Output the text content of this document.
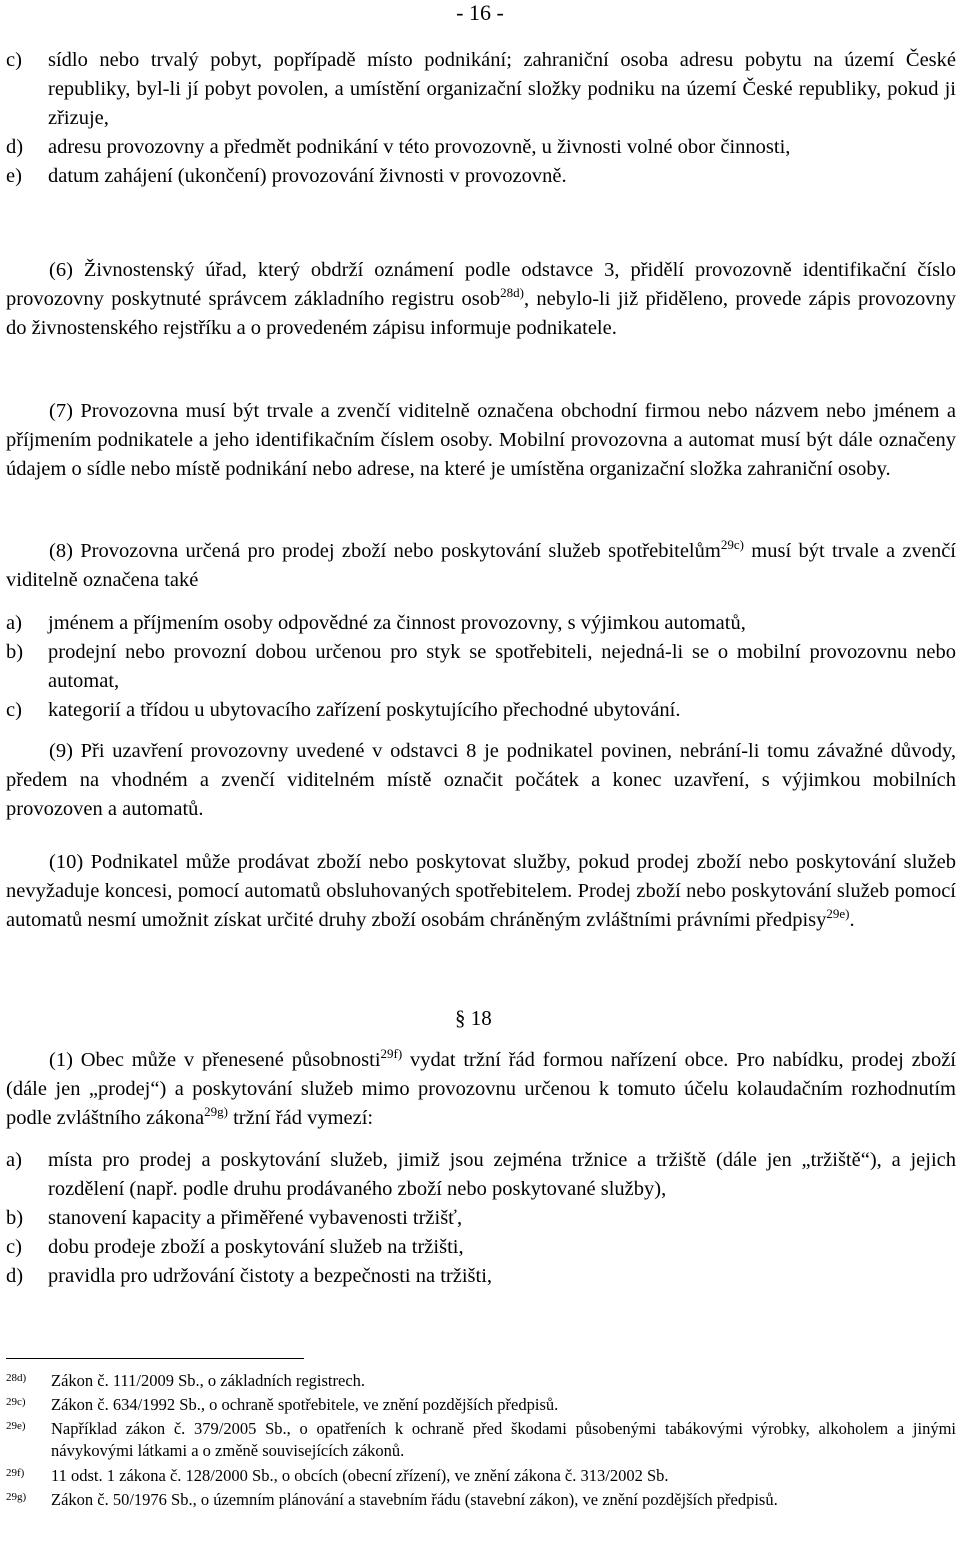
- 16 -
c)	sídlo nebo trvalý pobyt, popřípadě místo podnikání; zahraniční osoba adresu pobytu na území České republiky, byl-li jí pobyt povolen, a umístění organizační složky podniku na území České republiky, pokud ji zřizuje,
d)	adresu provozovny a předmět podnikání v této provozovně, u živnosti volné obor činnosti,
e)	datum zahájení (ukončení) provozování živnosti v provozovně.
(6) Živnostenský úřad, který obdrží oznámení podle odstavce 3, přidělí provozovně identifikační číslo provozovny poskytnuté správcem základního registru osob$^{28d)}$, nebylo-li již přiděleno, provede zápis provozovny do živnostenského rejstříku a o provedeném zápisu informuje podnikatele.
(7) Provozovna musí být trvale a zvenčí viditelně označena obchodní firmou nebo názvem nebo jménem a příjmením podnikatele a jeho identifikačním číslem osoby. Mobilní provozovna a automat musí být dále označeny údajem o sídle nebo místě podnikání nebo adrese, na které je umístěna organizační složka zahraniční osoby.
(8) Provozovna určená pro prodej zboží nebo poskytování služeb spotřebitelům$^{29c)}$ musí být trvale a zvenčí viditelně označena také
a)	jménem a příjmením osoby odpovědné za činnost provozovny, s výjimkou automatů,
b)	prodejní nebo provozní dobou určenou pro styk se spotřebiteli, nejedná-li se o mobilní provozovnu nebo automat,
c)	kategorií a třídou u ubytovacího zařízení poskytujícího přechodné ubytování.
(9) Při uzavření provozovny uvedené v odstavci 8 je podnikatel povinen, nebrání-li tomu závažné důvody, předem na vhodném a zvenčí viditelném místě označit počátek a konec uzavření, s výjimkou mobilních provozoven a automatů.
(10) Podnikatel může prodávat zboží nebo poskytovat služby, pokud prodej zboží nebo poskytování služeb nevyžaduje koncesi, pomocí automatů obsluhovaných spotřebitelem. Prodej zboží nebo poskytování služeb pomocí automatů nesmí umožnit získat určité druhy zboží osobám chráněným zvláštními právními předpisy$^{29e)}$.
§ 18
(1) Obec může v přenesené působnosti$^{29f)}$ vydat tržní řád formou nařízení obce. Pro nabídku, prodej zboží (dále jen „prodej“) a poskytování služeb mimo provozovnu určenou k tomuto účelu kolaudačním rozhodnutím podle zvláštního zákona$^{29g)}$ tržní řád vymezí:
a)	místa pro prodej a poskytování služeb, jimiž jsou zejména tržnice a tržiště (dále jen „tržiště“), a jejich rozdělení (např. podle druhu prodávaného zboží nebo poskytované služby),
b)	stanovení kapacity a přiměřené vybavenosti tržišť,
c)	dobu prodeje zboží a poskytování služeb na tržišti,
d)	pravidla pro udržování čistoty a bezpečnosti na tržišti,
28d)	Zákon č. 111/2009 Sb., o základních registrech.
29c)	Zákon č. 634/1992 Sb., o ochraně spotřebitele, ve znění pozdějších předpisů.
29e)	Například zákon č. 379/2005 Sb., o opatřeních k ochraně před škodami působenými tabákovými výrobky, alkoholem a jinými návykovými látkami a o změně souvisejících zákonů.
29f)	11 odst. 1 zákona č. 128/2000 Sb., o obcích (obecní zřízení), ve znění zákona č. 313/2002 Sb.
29g)	Zákon č. 50/1976 Sb., o územním plánování a stavebním řádu (stavební zákon), ve znění pozdějších předpisů.
